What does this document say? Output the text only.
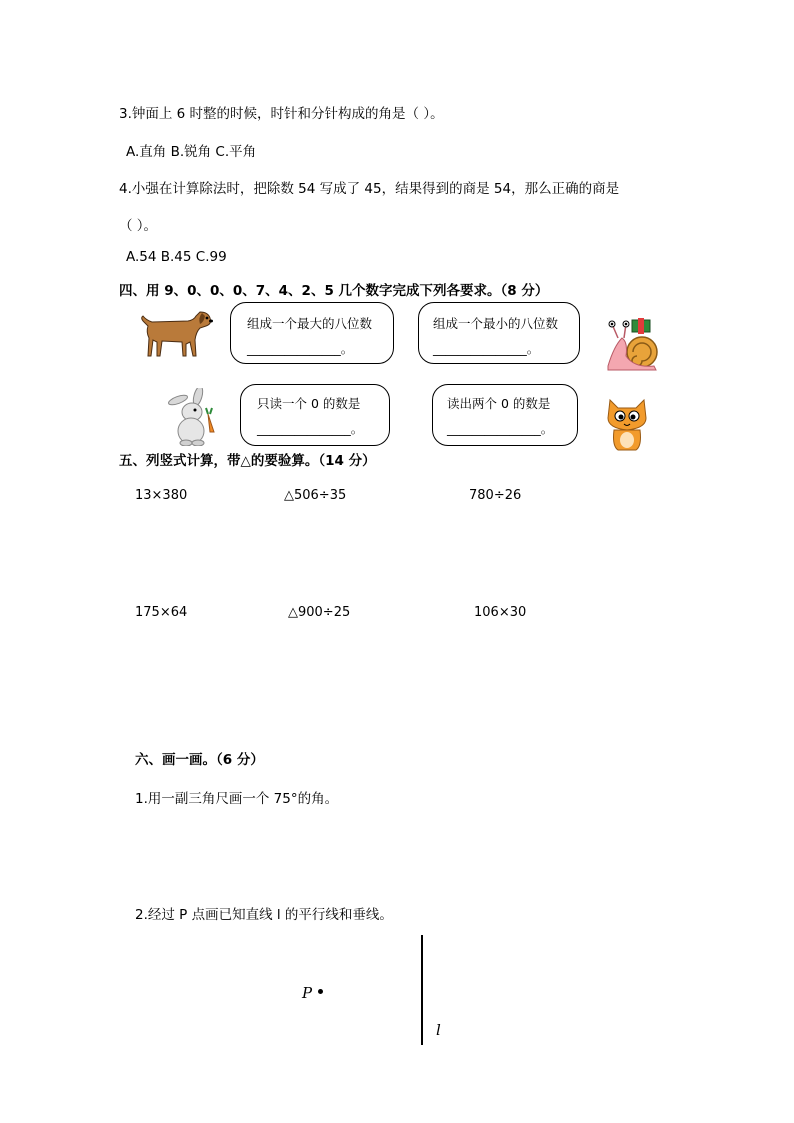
3.钟面上 6 时整的时候，时针和分针构成的角是（ ）。
A.直角 B.锐角 C.平角
4.小强在计算除法时，把除数 54 写成了 45，结果得到的商是 54，那么正确的商是
（ ）。
A.54 B.45 C.99
四、用 9、0、0、0、7、4、2、5 几个数字完成下列各要求。（8 分）
组成一个最大的八位数
_______________。
组成一个最小的八位数
_______________。
只读一个 0 的数是
_______________。
读出两个 0 的数是
_______________。
五、列竖式计算，带△的要验算。（14 分）
13×380	△506÷35	780÷26
175×64	△900÷25	106×30
六、画一画。（6 分）
1.用一副三角尺画一个 75°的角。
2.经过 P 点画已知直线 l 的平行线和垂线。
P
l
